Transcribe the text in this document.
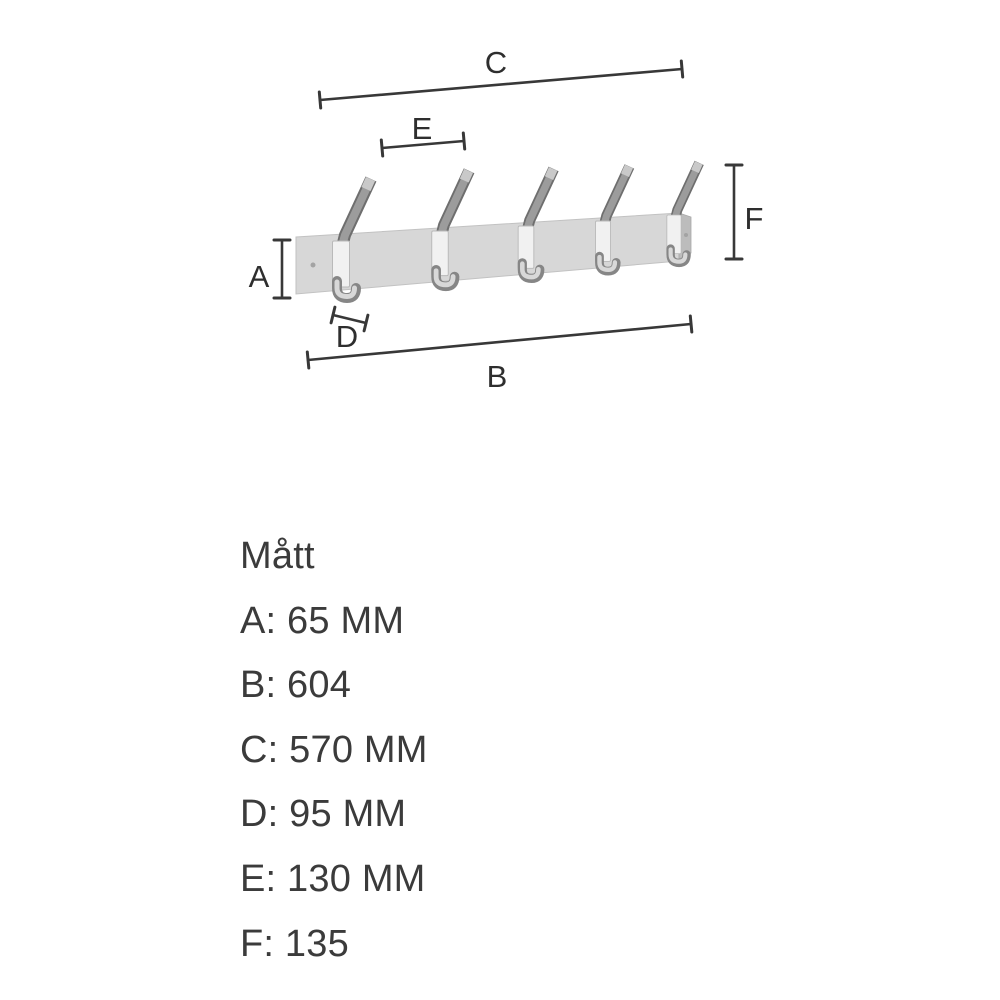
C
E
F
A
D
B
Mått
A: 65 MM
B: 604
C: 570 MM
D: 95 MM
E: 130 MM
F: 135
